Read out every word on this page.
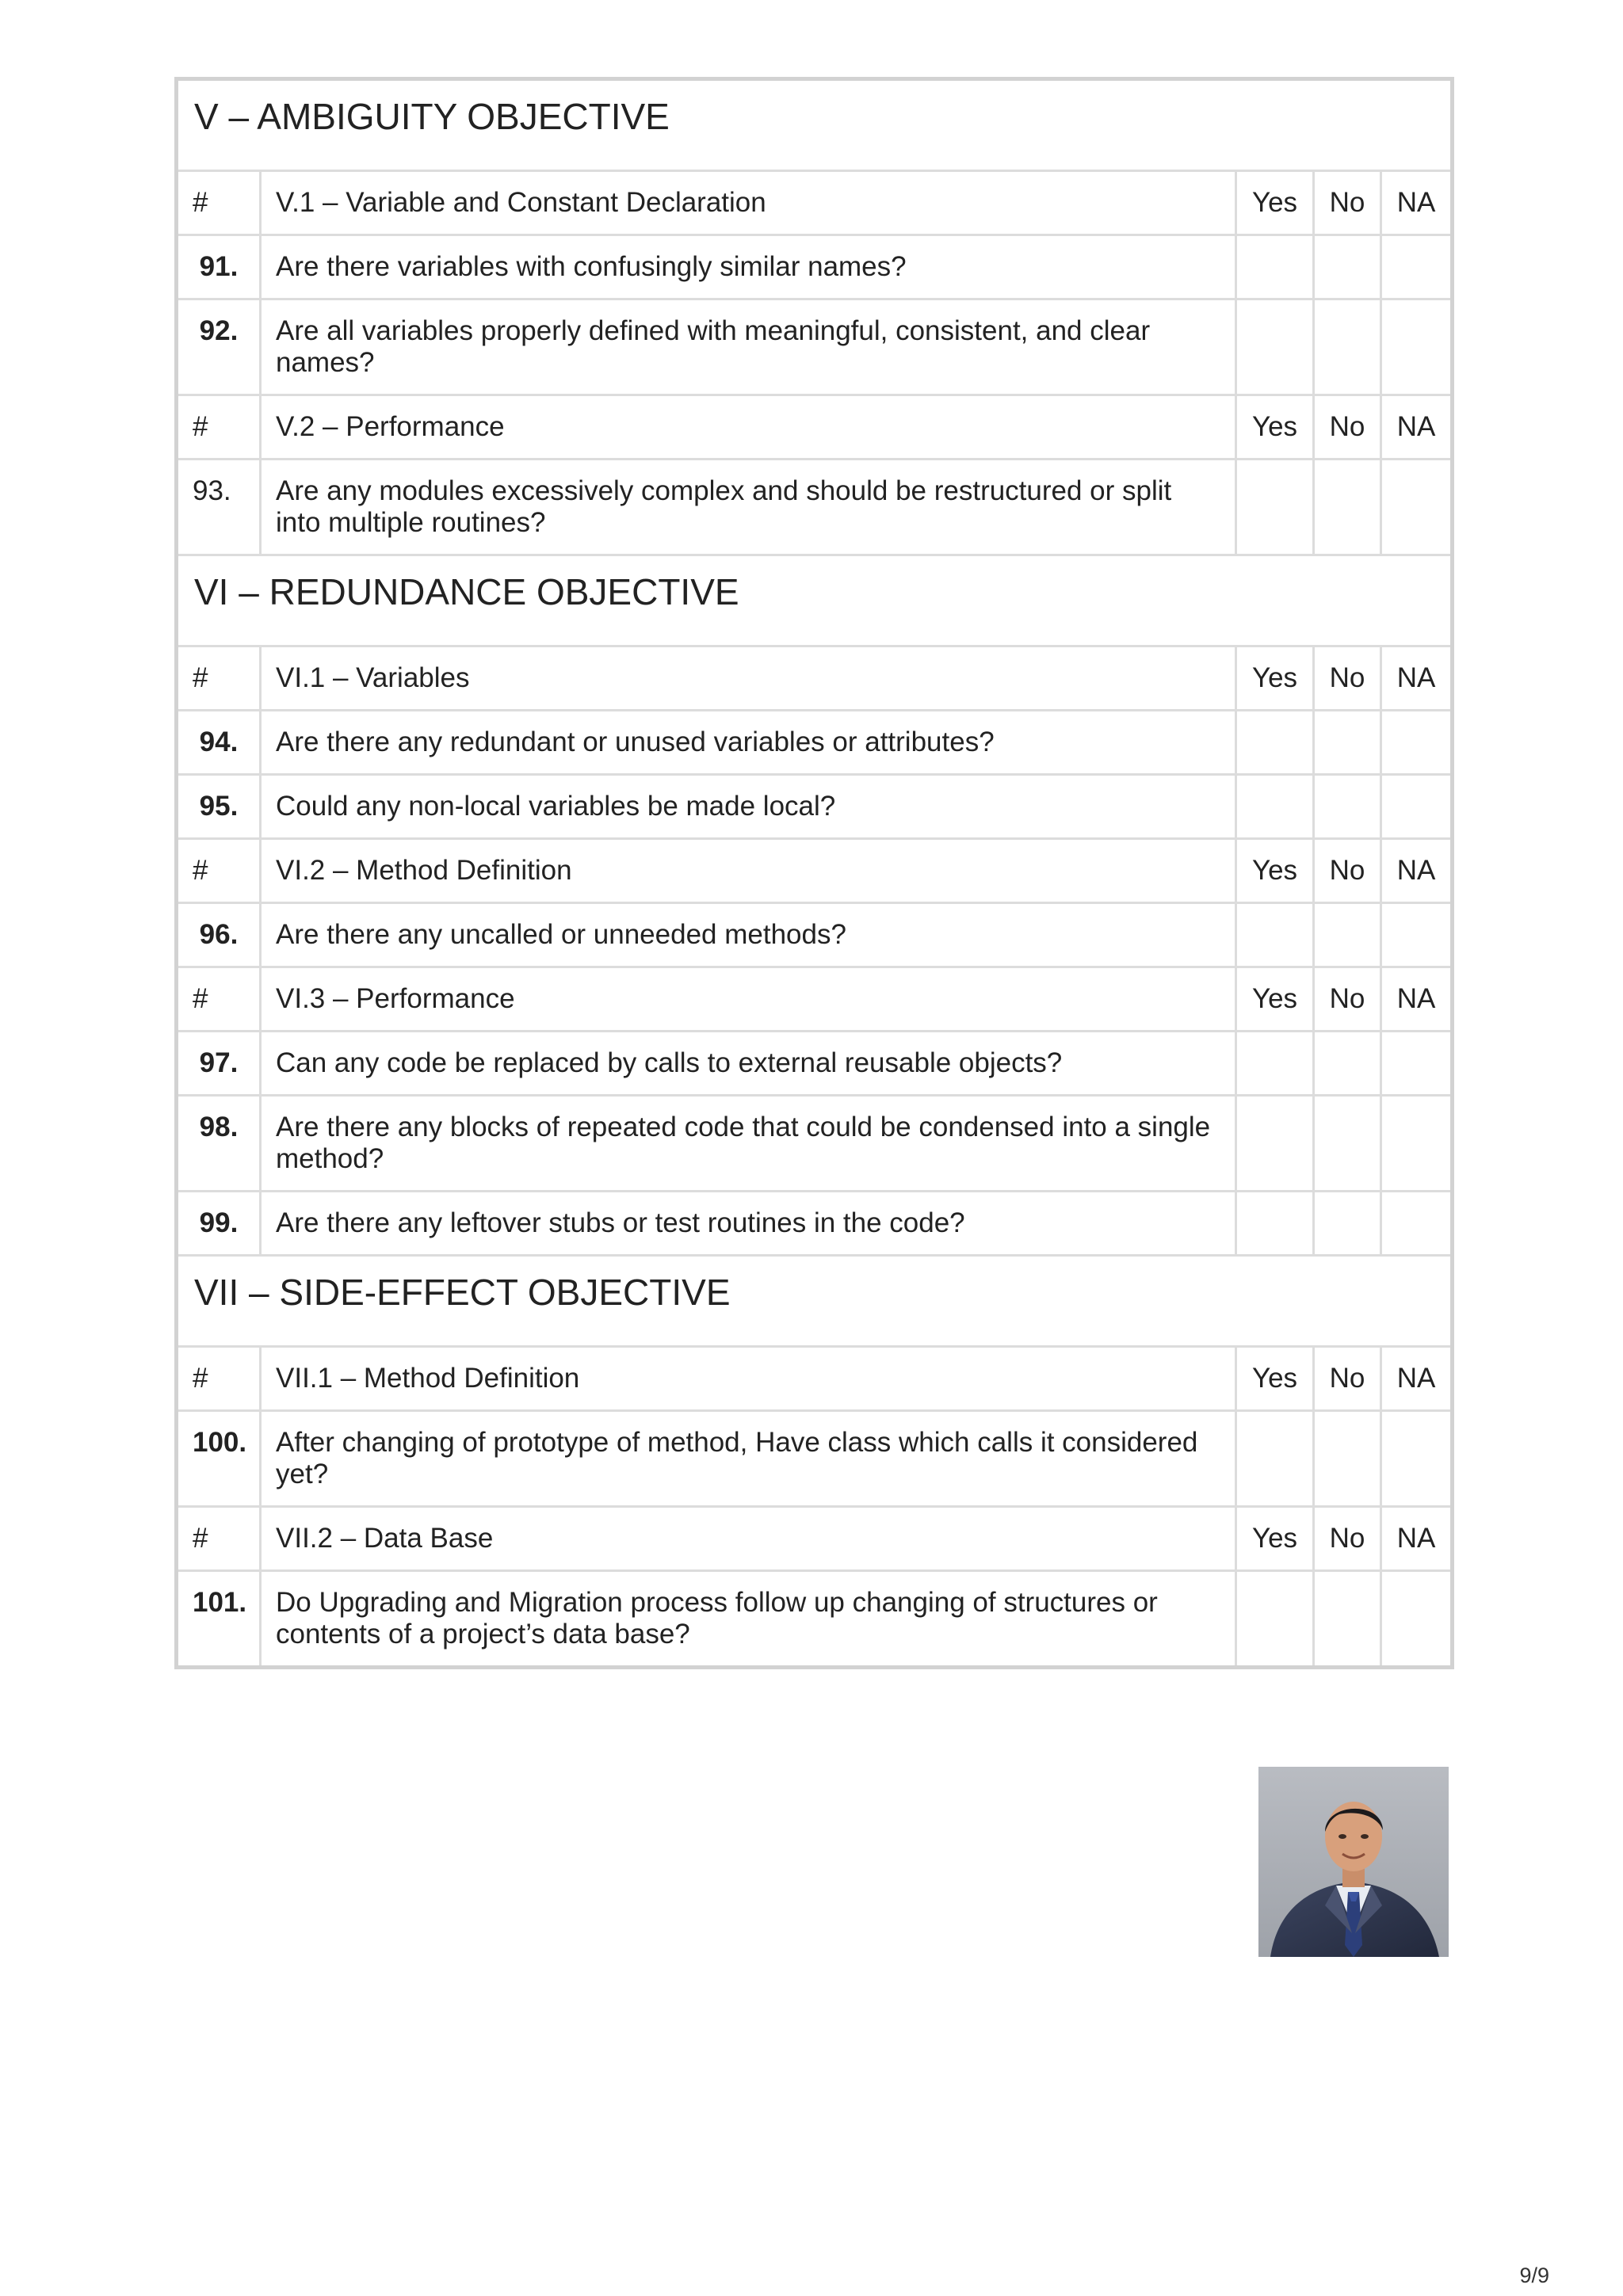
V – AMBIGUITY OBJECTIVE				
#	V.1 – Variable and Constant Declaration	Yes	No	NA
91.	Are there variables with confusingly similar names?			
92.	Are all variables properly defined with meaningful, consistent, and clear names?			
#	V.2 – Performance	Yes	No	NA
93.	Are any modules excessively complex and should be restructured or split into multiple routines?			
VI – REDUNDANCE OBJECTIVE				
#	VI.1 – Variables	Yes	No	NA
94.	Are there any redundant or unused variables or attributes?			
95.	Could any non-local variables be made local?			
#	VI.2 – Method Definition	Yes	No	NA
96.	Are there any uncalled or unneeded methods?			
#	VI.3 – Performance	Yes	No	NA
97.	Can any code be replaced by calls to external reusable objects?			
98.	Are there any blocks of repeated code that could be condensed into a single method?			
99.	Are there any leftover stubs or test routines in the code?			
VII – SIDE-EFFECT OBJECTIVE				
#	VII.1 – Method Definition	Yes	No	NA
100.	After changing of prototype of method, Have class which calls it considered yet?			
#	VII.2 – Data Base	Yes	No	NA
101.	Do Upgrading and Migration process follow up changing of structures or contents of a project’s data base?			
9/9
